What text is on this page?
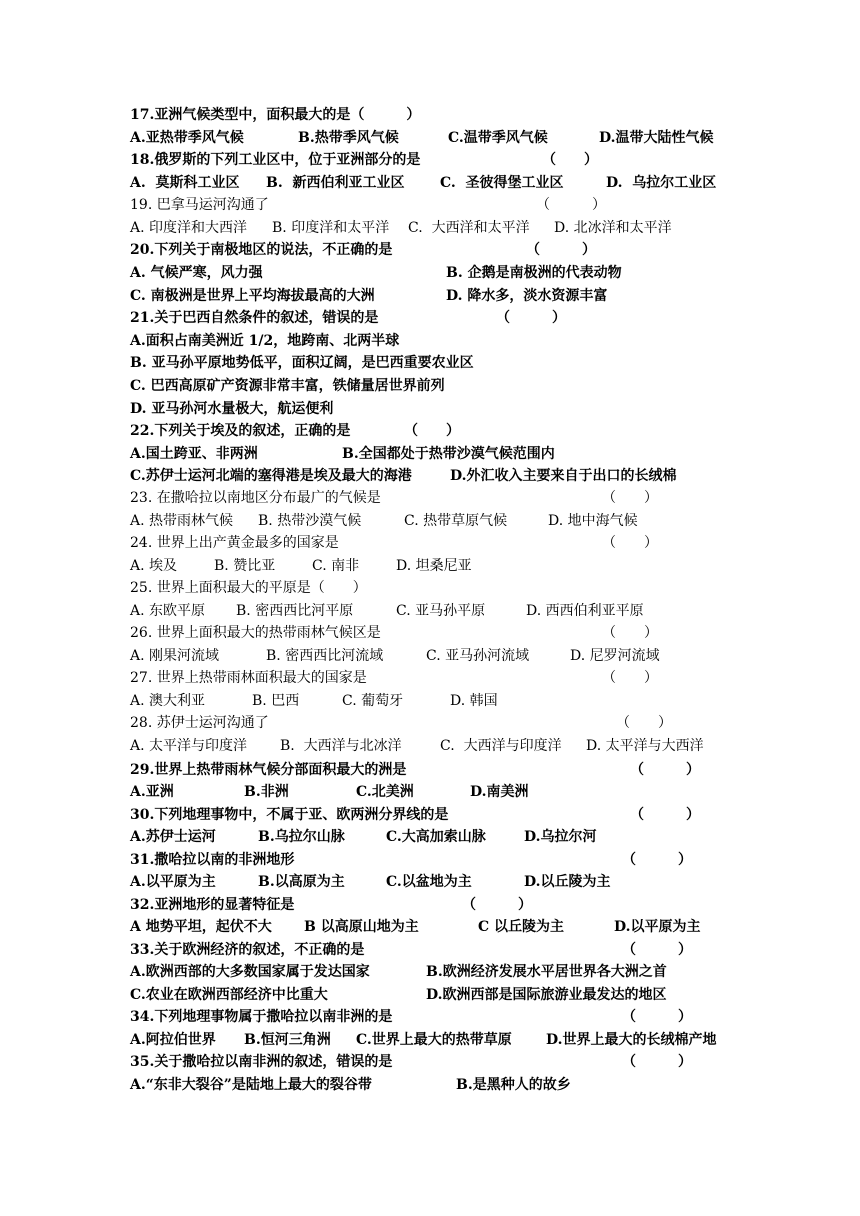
17.亚洲气候类型中，面积最大的是（　　　）

A.亚热带季风气候

	B.热带季风气候

	C.温带季风气候

	D.温带大陆性气候

18.俄罗斯的下列工业区中，位于亚洲部分的是

	（　　）

A.  莫斯科工业区

B.  新西伯利亚工业区

	C.  圣彼得堡工业区

	D.  乌拉尔工业区

19. 巴拿马运河沟通了

	（　　　）

A. 印度洋和大西洋

B. 印度洋和太平洋

C.  大西洋和太平洋

D. 北冰洋和太平洋

20.下列关于南极地区的说法，不正确的是

	（　　　）

A. 气候严寒，风力强

	B. 企鹅是南极洲的代表动物

C. 南极洲是世界上平均海拔最高的大洲

	D. 降水多，淡水资源丰富

21.关于巴西自然条件的叙述，错误的是

	（　　　）

A.面积占南美洲近 1/2，地跨南、北两半球
B. 亚马孙平原地势低平，面积辽阔，是巴西重要农业区
C. 巴西高原矿产资源非常丰富，铁储量居世界前列
D. 亚马孙河水量极大，航运便利

22.下列关于埃及的叙述，正确的是

	（　　）

A.国土跨亚、非两洲

	B.全国都处于热带沙漠气候范围内

C.苏伊士运河北端的塞得港是埃及最大的海港

	D.外汇收入主要来自于出口的长绒棉

23. 在撒哈拉以南地区分布最广的气候是

	（　　）

A. 热带雨林气候

B. 热带沙漠气候

	C. 热带草原气候

	D. 地中海气候

24. 世界上出产黄金最多的国家是

	（　　）

A. 埃及

	B. 赞比亚

	C. 南非

	D. 坦桑尼亚

25. 世界上面积最大的平原是（　　）

A. 东欧平原

B. 密西西比河平原

	C. 亚马孙平原

	D. 西西伯利亚平原

26. 世界上面积最大的热带雨林气候区是

	（　　）

A. 刚果河流域

	B. 密西西比河流域

	C. 亚马孙河流域

	D. 尼罗河流域

27. 世界上热带雨林面积最大的国家是

	（　　）

A. 澳大利亚

	B. 巴西

	C. 葡萄牙

	D. 韩国

28. 苏伊士运河沟通了

	（　　）

A. 太平洋与印度洋

B.  大西洋与北冰洋

	C.  大西洋与印度洋

D. 太平洋与大西洋

29.世界上热带雨林气候分部面积最大的洲是

	（　　　）

A.亚洲

	B.非洲

	C.北美洲

	D.南美洲

30.下列地理事物中，不属于亚、欧两洲分界线的是

	（　　　）

A.苏伊士运河

	B.乌拉尔山脉

	C.大高加索山脉

	D.乌拉尔河

31.撒哈拉以南的非洲地形

	（　　　）

A.以平原为主

	B.以高原为主

	C.以盆地为主

	D.以丘陵为主

32.亚洲地形的显著特征是

	（　　　）

A 地势平坦，起伏不大

B 以高原山地为主

	C 以丘陵为主

	D.以平原为主

33.关于欧洲经济的叙述，不正确的是

	（　　　）

A.欧洲西部的大多数国家属于发达国家

	B.欧洲经济发展水平居世界各大洲之首

C.农业在欧洲西部经济中比重大

	D.欧洲西部是国际旅游业最发达的地区

34.下列地理事物属于撒哈拉以南非洲的是

	（　　　）

A.阿拉伯世界

B.恒河三角洲

C.世界上最大的热带草原

D.世界上最大的长绒棉产地

35.关于撒哈拉以南非洲的叙述，错误的是

	（　　　）

A.“东非大裂谷”是陆地上最大的裂谷带

	B.是黑种人的故乡
